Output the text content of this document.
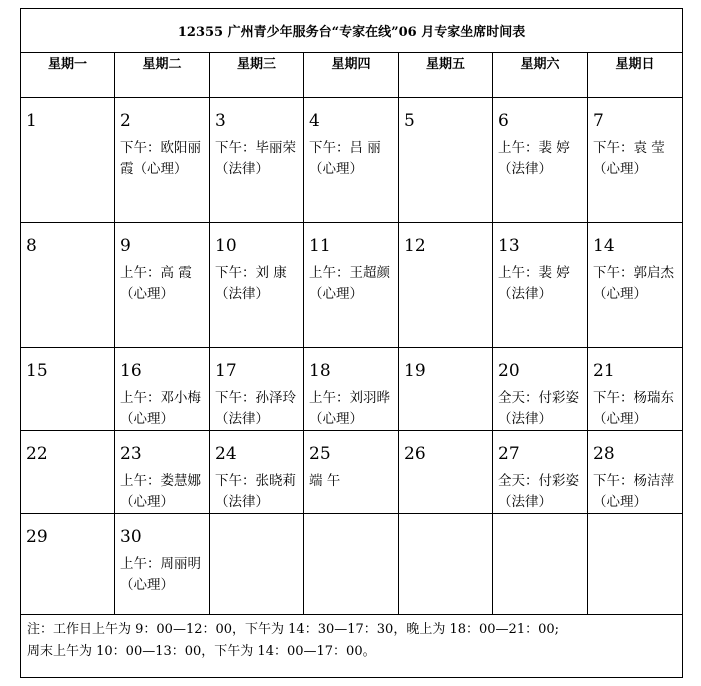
12355 广州青少年服务台“专家在线”06 月专家坐席时间表						
星期一	星期二	星期三	星期四	星期五	星期六	星期日

1	2
下午：欧阳丽
霞（心理）	3
下午：毕丽荣
（法律）	4
下午：吕 丽
（心理）	5	6
上午：裴 婷
（法律）	7
下午：袁 莹
（心理）

8	9
上午：高 霞
（心理）	10
下午：刘 康
（法律）	11
上午：王超颜
（心理）	12	13
上午：裴 婷
（法律）	14
下午：郭启杰
（心理）

15	16
上午：邓小梅
（心理）	17
下午：孙泽玲
（法律）	18
上午：刘羽晔
（心理）	19	20
全天：付彩姿
（法律）	21
下午：杨瑞东
（心理）

22	23
上午：娄慧娜
（心理）	24
下午：张晓莉
（法律）	25
端 午	26	27
全天：付彩姿
（法律）	28
下午：杨洁萍
（心理）

29	30
上午：周丽明
（心理）					

注：工作日上午为 9：00—12：00，下午为 14：30—17：30，晚上为 18：00—21：00;
周末上午为 10：00—13：00，下午为 14：00—17：00。						
